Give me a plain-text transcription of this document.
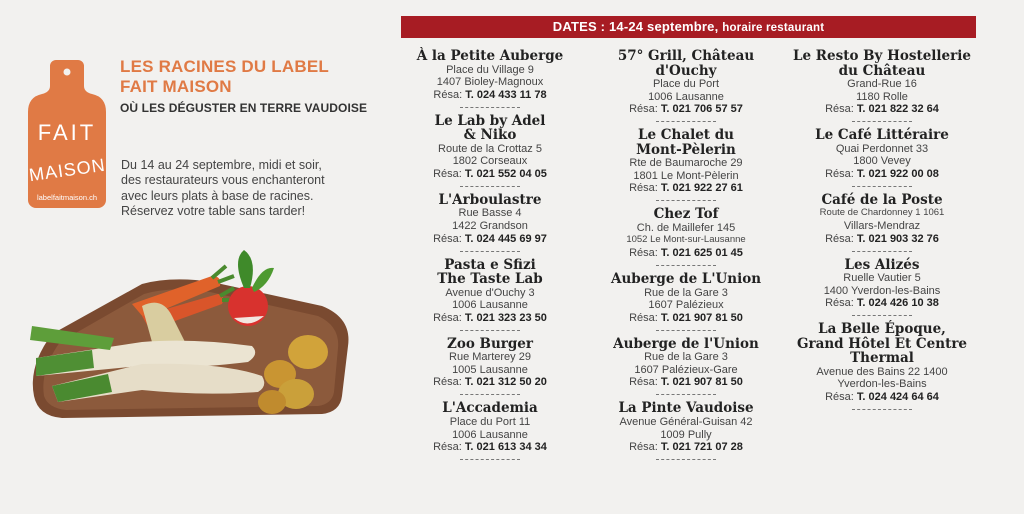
FAIT
MAISON
labelfaitmaison.ch
LES RACINES DU LABEL
FAIT MAISON
OÙ LES DÉGUSTER EN TERRE VAUDOISE
Du 14 au 24 septembre, midi et soir,
des restaurateurs vous enchanteront
avec leurs plats à base de racines.
Réservez votre table sans tarder!
DATES : 14-24 septembre, horaire restaurant
À la Petite Auberge
Place du Village 9
1407 Bioley-Magnoux
Résa: T. 024 433 11 78
Le Lab by Adel
& Niko
Route de la Crottaz 5
1802 Corseaux
Résa: T. 021 552 04 05
L'Arboulastre
Rue Basse 4
1422 Grandson
Résa: T. 024 445 69 97
Pasta e Sfizi
The Taste Lab
Avenue d'Ouchy 3
1006 Lausanne
Résa: T. 021 323 23 50
Zoo Burger
Rue Marterey 29
1005 Lausanne
Résa: T. 021 312 50 20
L'Accademia
Place du Port 11
1006 Lausanne
Résa: T. 021 613 34 34
57° Grill, Château
d'Ouchy
Place du Port
1006 Lausanne
Résa: T. 021 706 57 57
Le Chalet du
Mont-Pèlerin
Rte de Baumaroche 29
1801 Le Mont-Pèlerin
Résa: T. 021 922 27 61
Chez Tof
Ch. de Maillefer 145
1052 Le Mont-sur-Lausanne
Résa: T. 021 625 01 45
Auberge de L'Union
Rue de la Gare 3
1607 Palézieux
Résa: T. 021 907 81 50
Auberge de l'Union
Rue de la Gare 3
1607 Palézieux-Gare
Résa: T. 021 907 81 50
La Pinte Vaudoise
Avenue Général-Guisan 42
1009 Pully
Résa: T. 021 721 07 28
Le Resto By Hostellerie
du Château
Grand-Rue 16
1180 Rolle
Résa: T. 021 822 32 64
Le Café Littéraire
Quai Perdonnet 33
1800 Vevey
Résa: T. 021 922 00 08
Café de la Poste
Route de Chardonney 1 1061
Villars-Mendraz
Résa: T. 021 903 32 76
Les Alizés
Ruelle Vautier 5
1400 Yverdon-les-Bains
Résa: T. 024 426 10 38
La Belle Époque,
Grand Hôtel Et Centre
Thermal
Avenue des Bains 22 1400
Yverdon-les-Bains
Résa: T. 024 424 64 64
